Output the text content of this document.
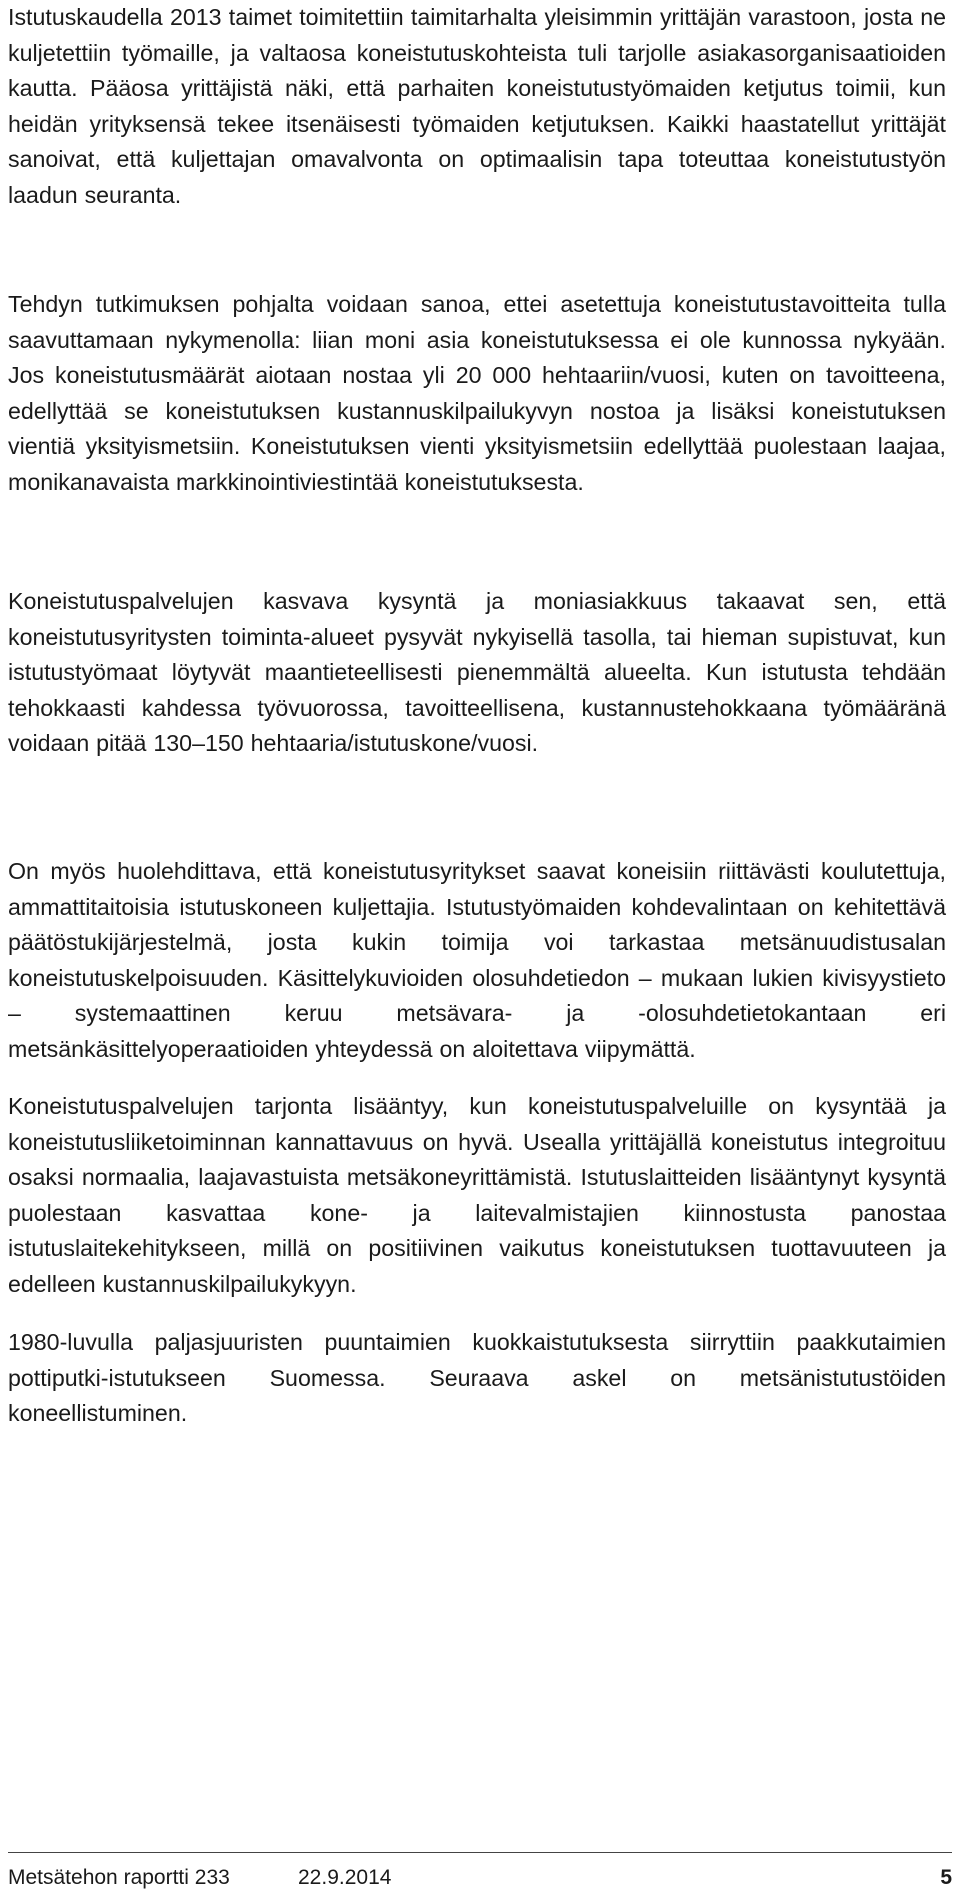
Istutuskaudella 2013 taimet toimitettiin taimitarhalta yleisimmin yrittäjän varastoon, josta ne kuljetettiin työmaille, ja valtaosa koneistutuskohteista tuli tarjolle asiakasorganisaatioiden kautta. Pääosa yrittäjistä näki, että parhaiten koneistutustyömaiden ketjutus toimii, kun heidän yrityksensä tekee itsenäisesti työmaiden ketjutuksen. Kaikki haastatellut yrittäjät sanoivat, että kuljettajan omavalvonta on optimaalisin tapa toteuttaa koneistutustyön laadun seuranta.

Tehdyn tutkimuksen pohjalta voidaan sanoa, ettei asetettuja koneistutustavoitteita tulla saavuttamaan nykymenolla: liian moni asia koneistutuksessa ei ole kunnossa nykyään. Jos koneistutusmäärät aiotaan nostaa yli 20 000 hehtaariin/vuosi, kuten on tavoitteena, edellyttää se koneistutuksen kustannuskilpailukyvyn nostoa ja lisäksi koneistutuksen vientiä yksityismetsiin. Koneistutuksen vienti yksityismetsiin edellyttää puolestaan laajaa, monikanavaista markkinointiviestintää koneistutuksesta.

Koneistutuspalvelujen kasvava kysyntä ja moniasiakkuus takaavat sen, että koneistutusyritysten toiminta-alueet pysyvät nykyisellä tasolla, tai hieman supistuvat, kun istutustyömaat löytyvät maantieteellisesti pienemmältä alueelta. Kun istutusta tehdään tehokkaasti kahdessa työvuorossa, tavoitteellisena, kustannustehokkaana työmääränä voidaan pitää 130–150 hehtaaria/istutuskone/vuosi.

On myös huolehdittava, että koneistutusyritykset saavat koneisiin riittävästi koulutettuja, ammattitaitoisia istutuskoneen kuljettajia. Istutustyömaiden kohdevalintaan on kehitettävä päätöstukijärjestelmä, josta kukin toimija voi tarkastaa metsänuudistusalan koneistutuskelpoisuuden. Käsittelykuvioiden olosuhdetiedon – mukaan lukien kivisyystieto – systemaattinen keruu metsävara- ja -olosuhdetietokantaan eri metsänkäsittelyoperaatioiden yhteydessä on aloitettava viipymättä.

Koneistutuspalvelujen tarjonta lisääntyy, kun koneistutuspalveluille on kysyntää ja koneistutusliiketoiminnan kannattavuus on hyvä. Usealla yrittäjällä koneistutus integroituu osaksi normaalia, laajavastuista metsäkoneyrittämistä. Istutuslaitteiden lisääntynyt kysyntä puolestaan kasvattaa kone- ja laitevalmistajien kiinnostusta panostaa istutuslaitekehitykseen, millä on positiivinen vaikutus koneistutuksen tuottavuuteen ja edelleen kustannuskilpailukykyyn.

1980-luvulla paljasjuuristen puuntaimien kuokkaistutuksesta siirryttiin paakkutaimien pottiputki-istutukseen Suomessa. Seuraava askel on metsänistutustöiden koneellistuminen.

Metsätehon raportti 233	22.9.2014	5
